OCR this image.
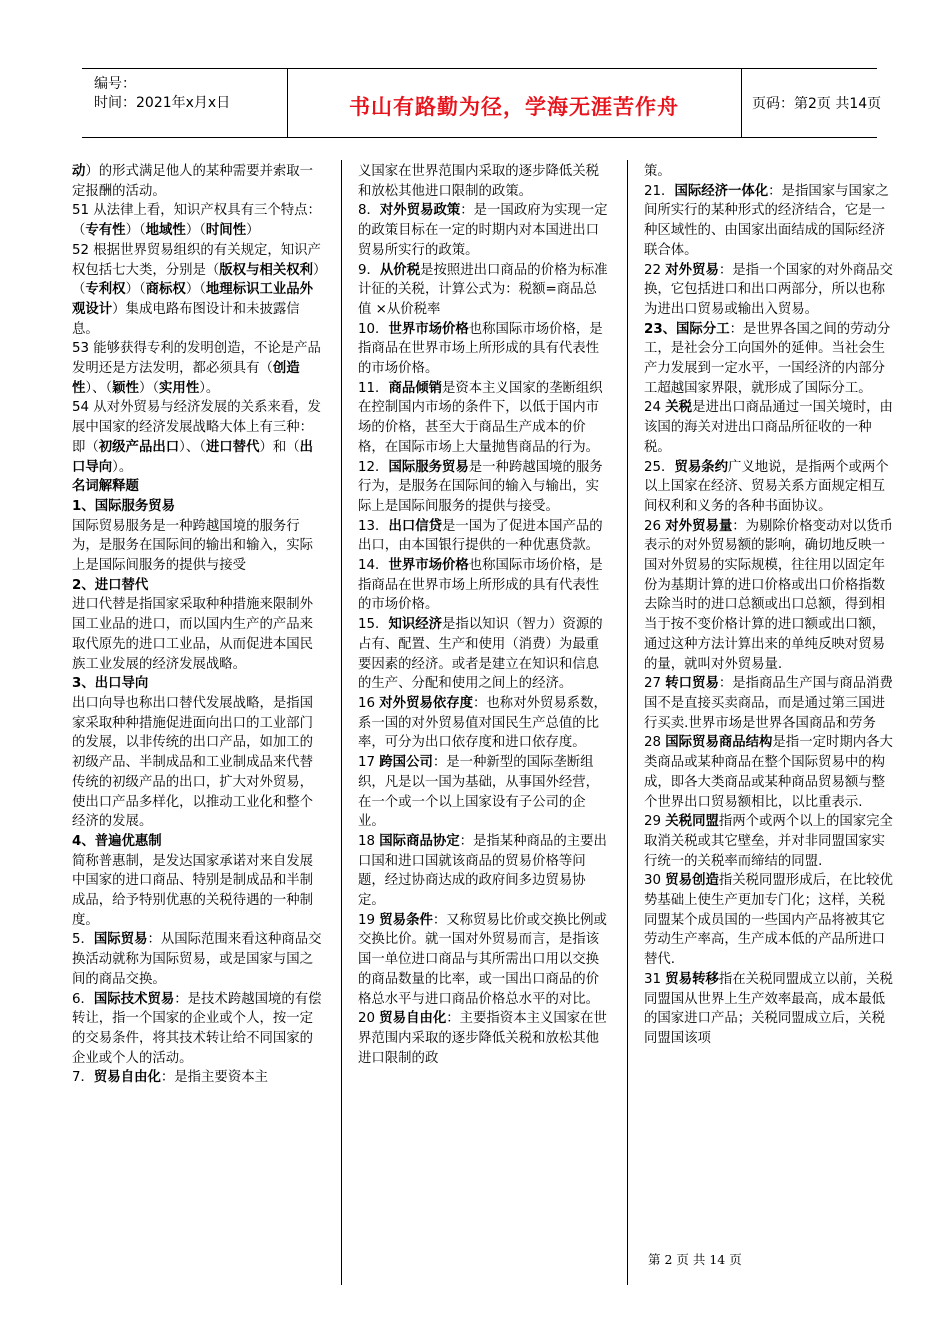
编号：
时间：2021年x月x日	书山有路勤为径，学海无涯苦作舟	页码：第2页 共14页

动）的形式满足他人的某种需要并索取一定报酬的活动。

51 从法律上看，知识产权具有三个特点：（专有性）（地域性）（时间性）

52 根据世界贸易组织的有关规定，知识产权包括七大类，分别是（版权与相关权利）（专利权）（商标权）（地理标识工业品外观设计）集成电路布图设计和未披露信息。

53 能够获得专利的发明创造，不论是产品发明还是方法发明，都必须具有（创造性）、（颖性）（实用性）。

54 从对外贸易与经济发展的关系来看，发展中国家的经济发展战略大体上有三种：即（初级产品出口）、（进口替代）和（出口导向）。

名词解释题

1、国际服务贸易

国际贸易服务是一种跨越国境的服务行为，是服务在国际间的输出和输入，实际上是国际间服务的提供与接受

2、进口替代

进口代替是指国家采取种种措施来限制外国工业品的进口，而以国内生产的产品来取代原先的进口工业品，从而促进本国民族工业发展的经济发展战略。

3、出口导向

出口向导也称出口替代发展战略，是指国家采取种种措施促进面向出口的工业部门的发展，以非传统的出口产品，如加工的初级产品、半制成品和工业制成品来代替传统的初级产品的出口，扩大对外贸易，使出口产品多样化，以推动工业化和整个经济的发展。

4、普遍优惠制

简称普惠制，是发达国家承诺对来自发展中国家的进口商品、特别是制成品和半制成品，给予特别优惠的关税待遇的一种制度。

5．国际贸易：从国际范围来看这种商品交换活动就称为国际贸易，或是国家与国之间的商品交换。

6．国际技术贸易：是技术跨越国境的有偿转让，指一个国家的企业或个人，按一定的交易条件，将其技术转让给不同国家的企业或个人的活动。

7．贸易自由化：是指主要资本主

义国家在世界范围内采取的逐步降低关税和放松其他进口限制的政策。

8．对外贸易政策：是一国政府为实现一定的政策目标在一定的时期内对本国进出口贸易所实行的政策。

9．从价税是按照进出口商品的价格为标准计征的关税，计算公式为：税额=商品总值 ×从价税率

10．世界市场价格也称国际市场价格，是指商品在世界市场上所形成的具有代表性的市场价格。

11．商品倾销是资本主义国家的垄断组织在控制国内市场的条件下，以低于国内市场的价格，甚至大于商品生产成本的价格，在国际市场上大量抛售商品的行为。

12．国际服务贸易是一种跨越国境的服务行为，是服务在国际间的输入与输出，实际上是国际间服务的提供与接受。

13．出口信贷是一国为了促进本国产品的出口，由本国银行提供的一种优惠贷款。

14．世界市场价格也称国际市场价格，是指商品在世界市场上所形成的具有代表性的市场价格。

15．知识经济是指以知识（智力）资源的占有、配置、生产和使用（消费）为最重要因素的经济。或者是建立在知识和信息的生产、分配和使用之间上的经济。

16 对外贸易依存度：也称对外贸易系数，系一国的对外贸易值对国民生产总值的比率，可分为出口依存度和进口依存度。

17 跨国公司：是一种新型的国际垄断组织，凡是以一国为基础，从事国外经营，在一个或一个以上国家设有子公司的企业。

18 国际商品协定：是指某种商品的主要出口国和进口国就该商品的贸易价格等问题，经过协商达成的政府间多边贸易协定。

19 贸易条件：又称贸易比价或交换比例或交换比价。就一国对外贸易而言，是指该国一单位进口商品与其所需出口用以交换的商品数量的比率，或一国出口商品的价格总水平与进口商品价格总水平的对比。

20 贸易自由化：主要指资本主义国家在世界范围内采取的逐步降低关税和放松其他进口限制的政

策。

21．国际经济一体化：是指国家与国家之间所实行的某种形式的经济结合，它是一种区域性的、由国家出面结成的国际经济联合体。

22 对外贸易：是指一个国家的对外商品交换，它包括进口和出口两部分，所以也称为进出口贸易或输出入贸易。

23、国际分工：是世界各国之间的劳动分工，是社会分工向国外的延伸。当社会生产力发展到一定水平，一国经济的内部分工超越国家界限，就形成了国际分工。

24 关税是进出口商品通过一国关境时，由该国的海关对进出口商品所征收的一种税。

25．贸易条约广义地说，是指两个或两个以上国家在经济、贸易关系方面规定相互间权利和义务的各种书面协议。

26 对外贸易量：为剔除价格变动对以货币表示的对外贸易额的影响，确切地反映一国对外贸易的实际规模，往往用以固定年份为基期计算的进口价格或出口价格指数去除当时的进口总额或出口总额，得到相当于按不变价格计算的进口额或出口额，通过这种方法计算出来的单纯反映对贸易的量，就叫对外贸易量.

27 转口贸易：是指商品生产国与商品消费国不是直接买卖商品，而是通过第三国进行买卖.世界市场是世界各国商品和劳务

28 国际贸易商品结构是指一定时期内各大类商品或某种商品在整个国际贸易中的构成，即各大类商品或某种商品贸易额与整个世界出口贸易额相比，以比重表示.

29 关税同盟指两个或两个以上的国家完全取消关税或其它壁垒，并对非同盟国家实行统一的关税率而缔结的同盟.

30 贸易创造指关税同盟形成后，在比较优势基础上使生产更加专门化；这样，关税同盟某个成员国的一些国内产品将被其它劳动生产率高，生产成本低的产品所进口替代.

31 贸易转移指在关税同盟成立以前，关税同盟国从世界上生产效率最高，成本最低的国家进口产品；关税同盟成立后，关税同盟国该项

第 2 页 共 14 页
